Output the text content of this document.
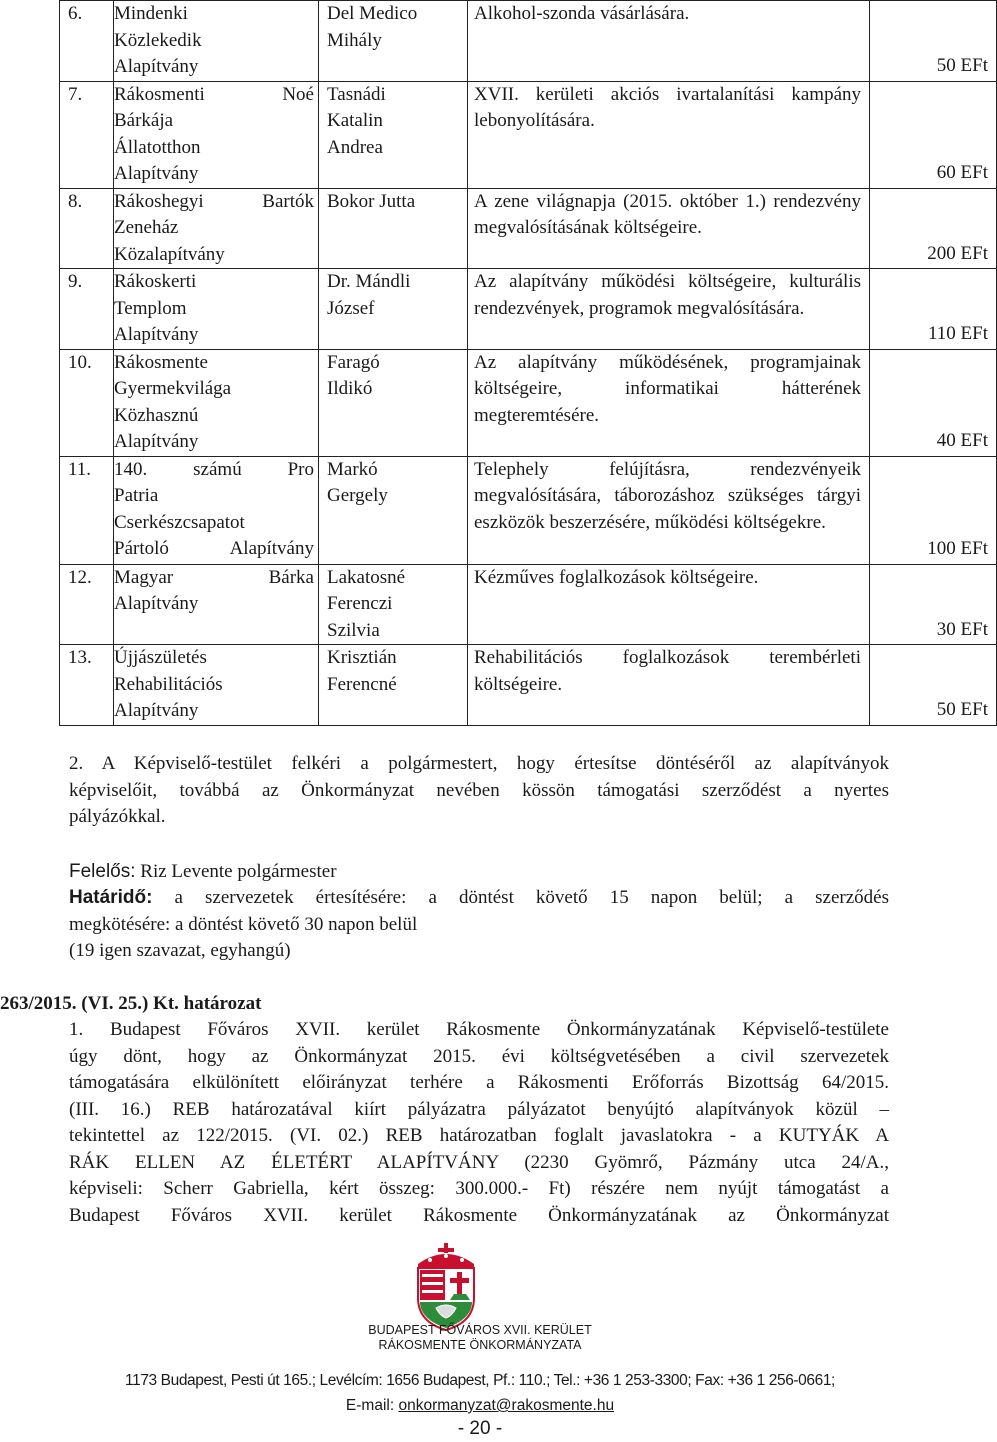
6.	Mindenki
Közlekedik
Alapítvány	Del Medico
Mihály	Alkohol-szonda vásárlására.	50 EFt

7.	Rákosmenti Noé
Bárkája
Állatotthon
Alapítvány	Tasnádi
Katalin
Andrea	XVII. kerületi akciós ivartalanítási kampány lebonyolítására.	60 EFt

8.	Rákoshegyi Bartók
Zeneház
Közalapítvány	Bokor Jutta	A zene világnapja (2015. október 1.) rendezvény megvalósításának költségeire.	200 EFt

9.	Rákoskerti
Templom
Alapítvány	Dr. Mándli
József	Az alapítvány működési költségeire, kulturális rendezvények, programok megvalósítására.	110 EFt

10.	Rákosmente
Gyermekvilága
Közhasznú
Alapítvány	Faragó
Ildikó	Az alapítvány működésének, programjainak költségeire, informatikai hátterének megteremtésére.	40 EFt

11.	140. számú Pro
Patria
Cserkészcsapatot
Pártoló Alapítvány	Markó
Gergely	Telephely felújításra, rendezvényeik megvalósítására, táborozáshoz szükséges tárgyi eszközök beszerzésére, működési költségekre.	100 EFt

12.	Magyar Bárka
Alapítvány	Lakatosné
Ferenczi
Szilvia	Kézműves foglalkozások költségeire.	30 EFt

13.	Újjászületés
Rehabilitációs
Alapítvány	Krisztián
Ferencné	Rehabilitációs foglalkozások terembérleti költségeire.	50 EFt
2. A Képviselő-testület felkéri a polgármestert, hogy értesítse döntéséről az alapítványok
képviselőit, továbbá az Önkormányzat nevében kössön támogatási szerződést a nyertes
pályázókkal.
Felelős: Riz Levente polgármester
Határidő: a szervezetek értesítésére: a döntést követő 15 napon belül; a szerződés
megkötésére: a döntést követő 30 napon belül
(19 igen szavazat, egyhangú)
263/2015. (VI. 25.) Kt. határozat
1. Budapest Főváros XVII. kerület Rákosmente Önkormányzatának Képviselő-testülete
úgy dönt, hogy az Önkormányzat 2015. évi költségvetésében a civil szervezetek
támogatására elkülönített előirányzat terhére a Rákosmenti Erőforrás Bizottság 64/2015.
(III. 16.) REB határozatával kiírt pályázatra pályázatot benyújtó alapítványok közül –
tekintettel az 122/2015. (VI. 02.) REB határozatban foglalt javaslatokra - a KUTYÁK A
RÁK ELLEN AZ ÉLETÉRT ALAPÍTVÁNY (2230 Gyömrő, Pázmány utca 24/A.,
képviseli: Scherr Gabriella, kért összeg: 300.000.- Ft) részére nem nyújt támogatást a
Budapest Főváros XVII. kerület Rákosmente Önkormányzatának az Önkormányzat
BUDAPEST FŐVÁROS XVII. KERÜLET
RÁKOSMENTE ÖNKORMÁNYZATA
1173 Budapest, Pesti út 165.; Levélcím: 1656 Budapest, Pf.: 110.; Tel.: +36 1 253-3300; Fax: +36 1 256-0661;
E-mail: onkormanyzat@rakosmente.hu
- 20 -
